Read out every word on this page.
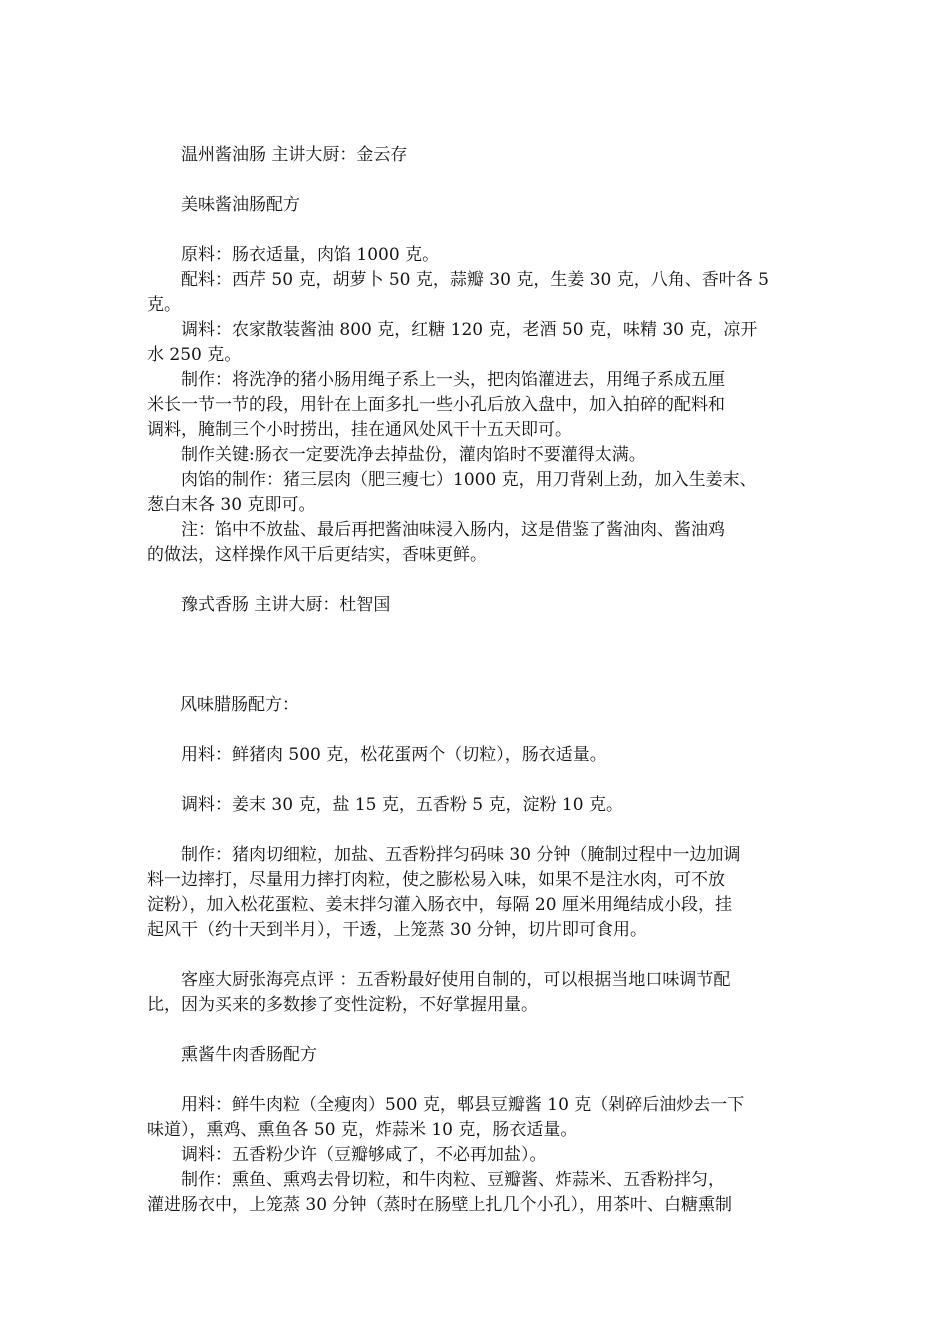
温州酱油肠 主讲大厨：金云存
美味酱油肠配方
原料：肠衣适量，肉馅 1000 克。
配料：西芹 50 克，胡萝卜 50 克，蒜瓣 30 克，生姜 30 克，八角、香叶各 5
克。
调料：农家散装酱油 800 克，红糖 120 克，老酒 50 克，味精 30 克，凉开
水 250 克。
制作：将洗净的猪小肠用绳子系上一头，把肉馅灌进去，用绳子系成五厘
米长一节一节的段，用针在上面多扎一些小孔后放入盘中，加入拍碎的配料和
调料，腌制三个小时捞出，挂在通风处风干十五天即可。
制作关键:肠衣一定要洗净去掉盐份，灌肉馅时不要灌得太满。
肉馅的制作：猪三层肉（肥三瘦七）1000 克，用刀背剁上劲，加入生姜末、
葱白末各 30 克即可。
注：馅中不放盐、最后再把酱油味浸入肠内，这是借鉴了酱油肉、酱油鸡
的做法，这样操作风干后更结实，香味更鲜。
豫式香肠 主讲大厨：杜智国
风味腊肠配方：
用料：鲜猪肉 500 克，松花蛋两个（切粒），肠衣适量。
调料：姜末 30 克，盐 15 克，五香粉 5 克，淀粉 10 克。
制作：猪肉切细粒，加盐、五香粉拌匀码味 30 分钟（腌制过程中一边加调
料一边摔打，尽量用力摔打肉粒，使之膨松易入味，如果不是注水肉，可不放
淀粉），加入松花蛋粒、姜末拌匀灌入肠衣中，每隔 20 厘米用绳结成小段，挂
起风干（约十天到半月），干透，上笼蒸 30 分钟，切片即可食用。
客座大厨张海亮点评 ：五香粉最好使用自制的，可以根据当地口味调节配
比，因为买来的多数掺了变性淀粉，不好掌握用量。
熏酱牛肉香肠配方
用料：鲜牛肉粒（全瘦肉）500 克，郫县豆瓣酱 10 克（剁碎后油炒去一下
味道），熏鸡、熏鱼各 50 克，炸蒜米 10 克，肠衣适量。
调料：五香粉少许（豆瓣够咸了，不必再加盐）。
制作：熏鱼、熏鸡去骨切粒，和牛肉粒、豆瓣酱、炸蒜米、五香粉拌匀，
灌进肠衣中，上笼蒸 30 分钟（蒸时在肠壁上扎几个小孔），用茶叶、白糖熏制
